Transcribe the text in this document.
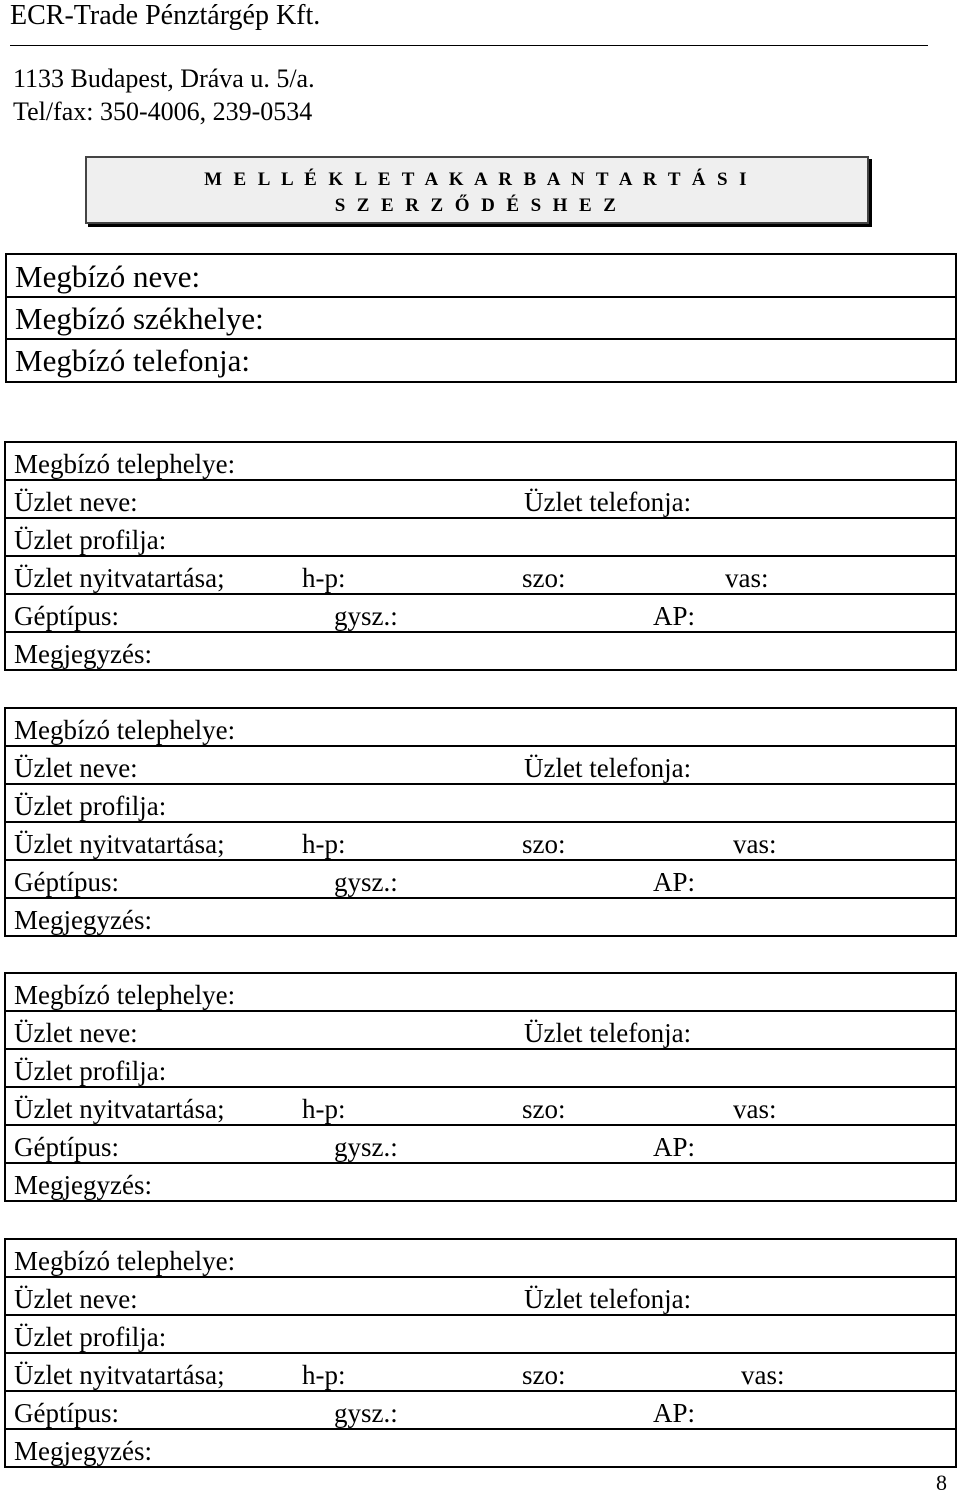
ECR-Trade Pénztárgép Kft.
1133 Budapest, Dráva u. 5/a.
Tel/fax: 350-4006, 239-0534
M E L L É K L E T A K A R B A N T A R T Á S I
S Z E R Z Ő D É S H E Z
Megbízó neve:
Megbízó székhelye:
Megbízó telefonja:
Megbízó telephelye:
Üzlet neve:	Üzlet telefonja:
Üzlet profilja:
Üzlet nyitvatartása;	h-p:	szo:	vas:
Géptípus:	gysz.:	AP:
Megjegyzés:
Megbízó telephelye:
Üzlet neve:	Üzlet telefonja:
Üzlet profilja:
Üzlet nyitvatartása;	h-p:	szo:	vas:
Géptípus:	gysz.:	AP:
Megjegyzés:
Megbízó telephelye:
Üzlet neve:	Üzlet telefonja:
Üzlet profilja:
Üzlet nyitvatartása;	h-p:	szo:	vas:
Géptípus:	gysz.:	AP:
Megjegyzés:
Megbízó telephelye:
Üzlet neve:	Üzlet telefonja:
Üzlet profilja:
Üzlet nyitvatartása;	h-p:	szo:	vas:
Géptípus:	gysz.:	AP:
Megjegyzés:
8
